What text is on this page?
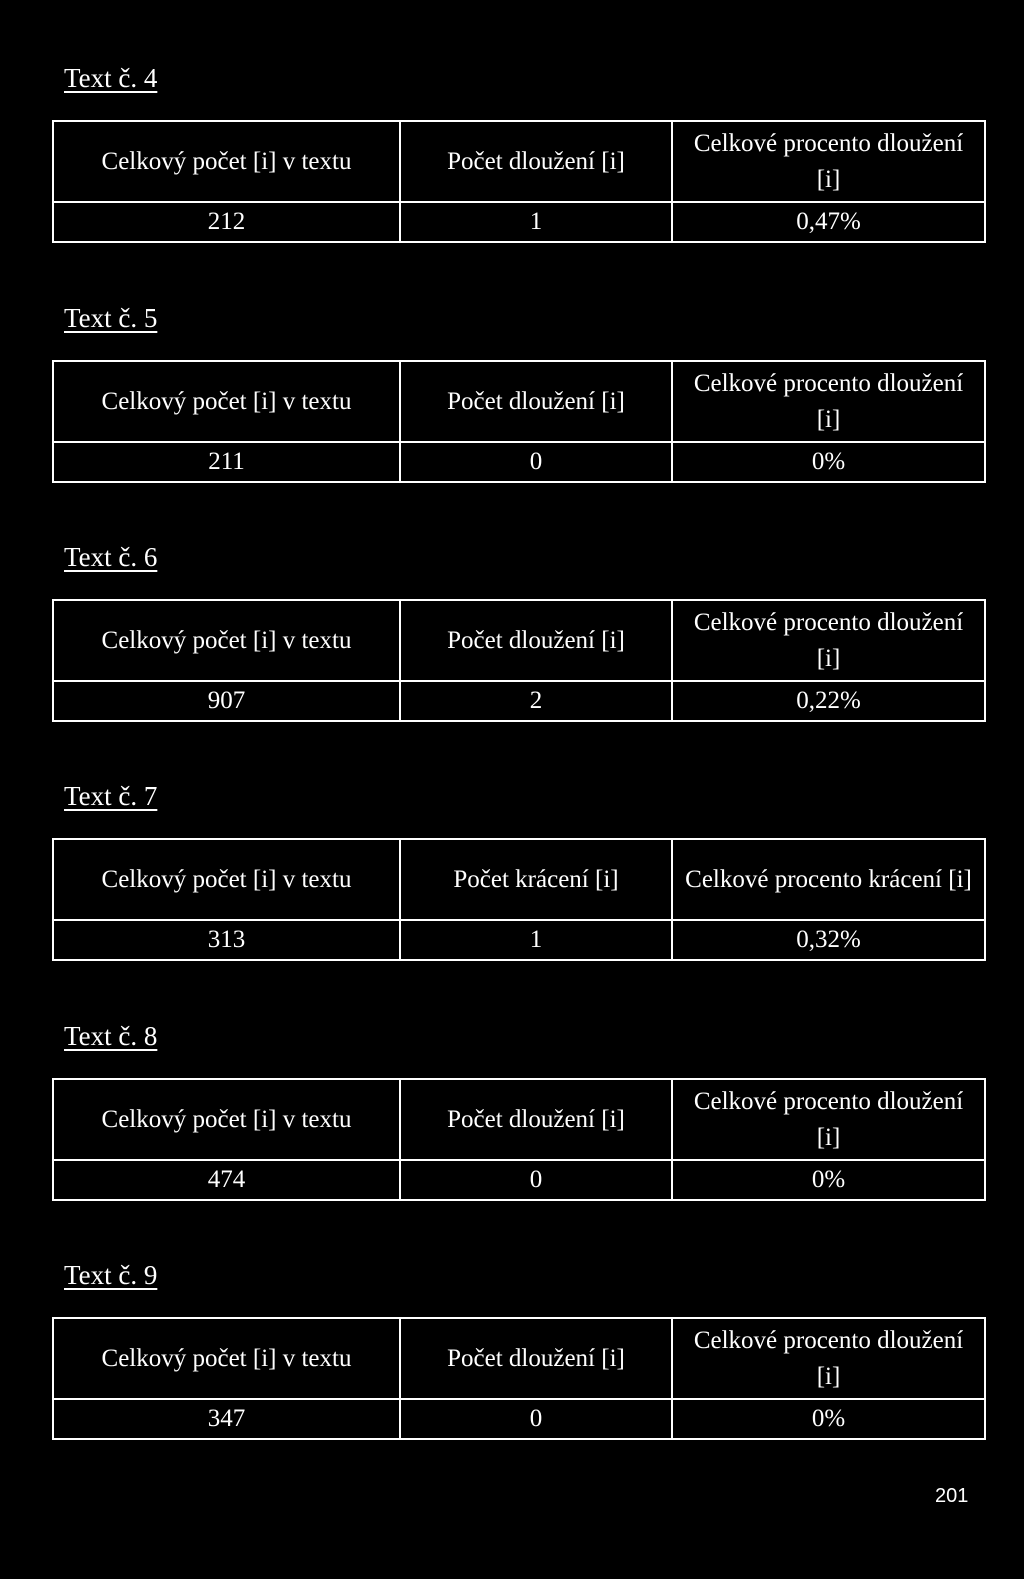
Text č. 4
Celkový počet [i] v textu	Počet dloužení [i]	Celkové procento dloužení [i]
212	1	0,47%
Text č. 5
Celkový počet [i] v textu	Počet dloužení [i]	Celkové procento dloužení [i]
211	0	0%
Text č. 6
Celkový počet [i] v textu	Počet dloužení [i]	Celkové procento dloužení [i]
907	2	0,22%
Text č. 7
Celkový počet [i] v textu	Počet krácení [i]	Celkové procento krácení [i]
313	1	0,32%
Text č. 8
Celkový počet [i] v textu	Počet dloužení [i]	Celkové procento dloužení [i]
474	0	0%
Text č. 9
Celkový počet [i] v textu	Počet dloužení [i]	Celkové procento dloužení [i]
347	0	0%
201
